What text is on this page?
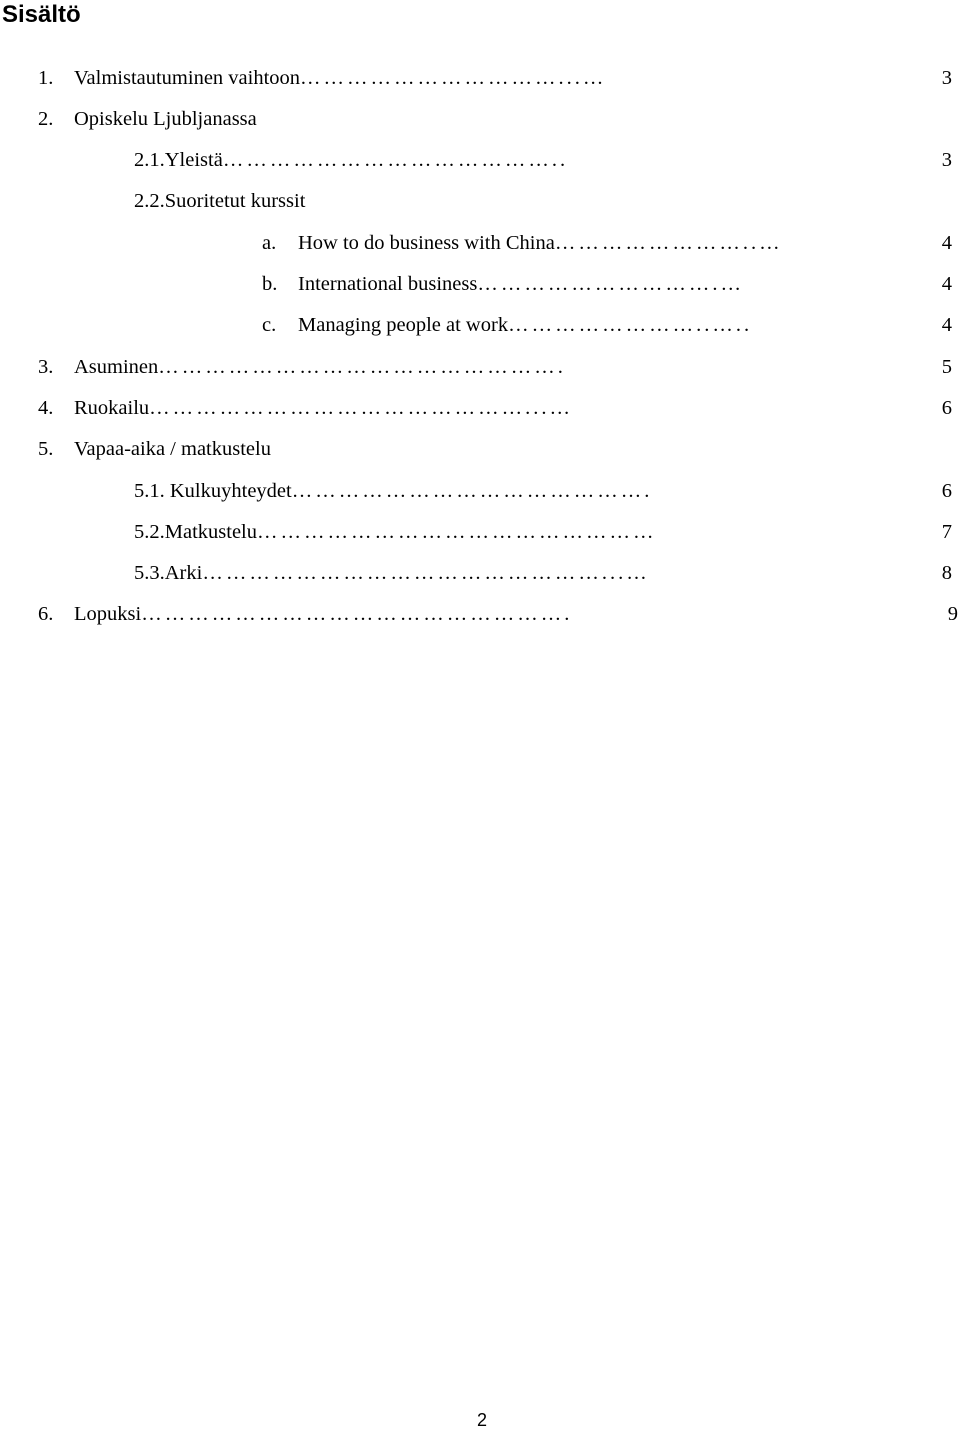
Sisältö
1.	Valmistautuminen vaihtoon ……………………………...…	3
2.	Opiskelu Ljubljanassa
2.1.Yleistä ……………………………………..	3
2.2.Suoritetut kurssit
a.	How to do business with China ……………………..…	4
b.	International business ………………………….…	4
c.	Managing people at work ……………………..…..	4
3.	Asuminen …………………………………………….	5
4.	Ruokailu …………………………………………...…	6
5.	Vapaa-aika / matkustelu
5.1. Kulkuyhteydet ……………………………………….	6
5.2.Matkustelu ……………………………………………	7
5.3.Arki ……………………………………………...…	8
6.	Lopuksi ……………………………………………….	9
2
